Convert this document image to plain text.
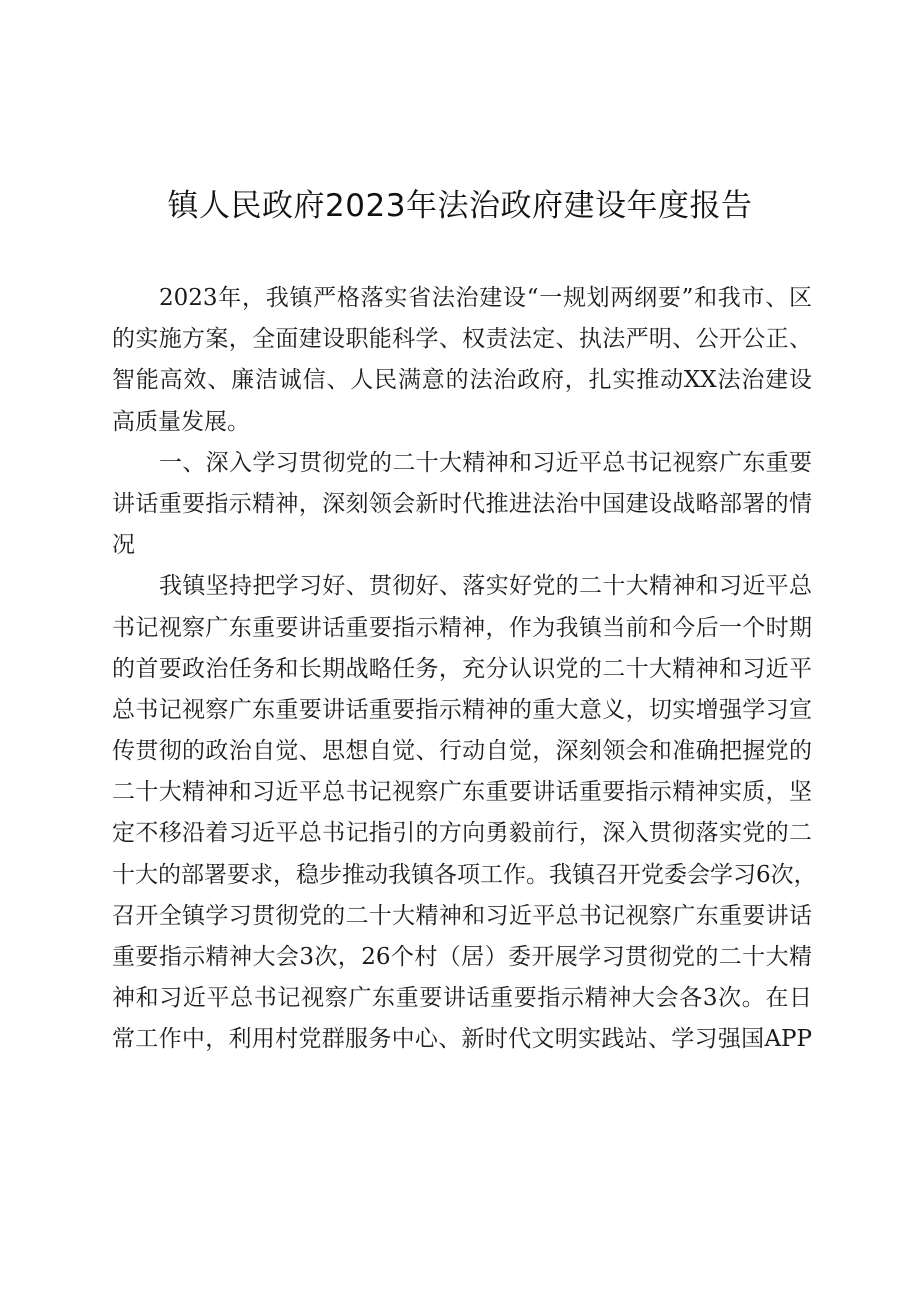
镇人民政府2023年法治政府建设年度报告
2023年，我镇严格落实省法治建设“一规划两纲要”和我市、区
的实施方案，全面建设职能科学、权责法定、执法严明、公开公正、
智能高效、廉洁诚信、人民满意的法治政府，扎实推动XX法治建设
高质量发展。
一、深入学习贯彻党的二十大精神和习近平总书记视察广东重要
讲话重要指示精神，深刻领会新时代推进法治中国建设战略部署的情
况
我镇坚持把学习好、贯彻好、落实好党的二十大精神和习近平总
书记视察广东重要讲话重要指示精神，作为我镇当前和今后一个时期
的首要政治任务和长期战略任务，充分认识党的二十大精神和习近平
总书记视察广东重要讲话重要指示精神的重大意义，切实增强学习宣
传贯彻的政治自觉、思想自觉、行动自觉，深刻领会和准确把握党的
二十大精神和习近平总书记视察广东重要讲话重要指示精神实质，坚
定不移沿着习近平总书记指引的方向勇毅前行，深入贯彻落实党的二
十大的部署要求，稳步推动我镇各项工作。我镇召开党委会学习6次，
召开全镇学习贯彻党的二十大精神和习近平总书记视察广东重要讲话
重要指示精神大会3次，26个村（居）委开展学习贯彻党的二十大精
神和习近平总书记视察广东重要讲话重要指示精神大会各3次。在日
常工作中，利用村党群服务中心、新时代文明实践站、学习强国APP
